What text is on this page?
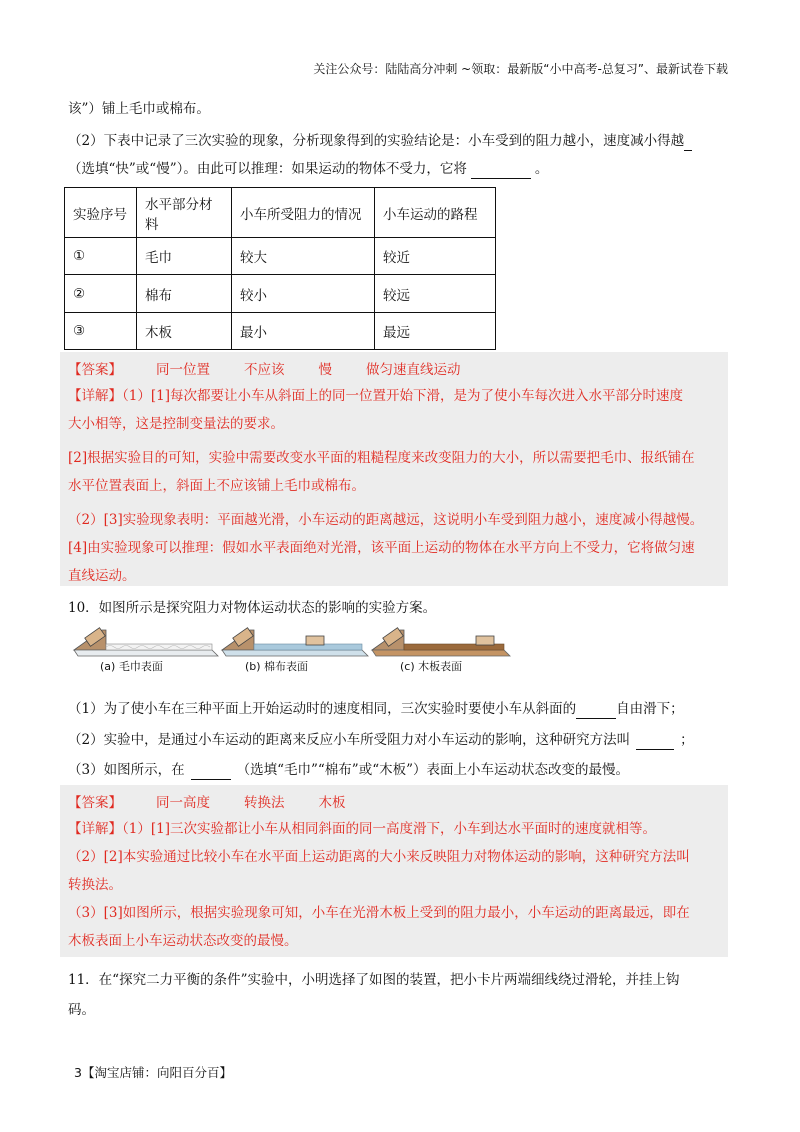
关注公众号：陆陆高分冲刺 ~领取：最新版“小中高考-总复习”、最新试卷下载
该”）铺上毛巾或棉布。
（2）下表中记录了三次实验的现象，分析现象得到的实验结论是：小车受到的阻力越小，速度减小得越
（选填“快”或“慢”）。由此可以推理：如果运动的物体不受力，它将	。
实验序号	水平部分材料	小车所受阻力的情况	小车运动的路程
①	毛巾	较大	较近
②	棉布	较小	较远
③	木板	最小	最远
【答案】	同一位置	不应该	慢	做匀速直线运动
【详解】（1）[1]每次都要让小车从斜面上的同一位置开始下滑，是为了使小车每次进入水平部分时速度
大小相等，这是控制变量法的要求。
[2]根据实验目的可知，实验中需要改变水平面的粗糙程度来改变阻力的大小，所以需要把毛巾、报纸铺在
水平位置表面上，斜面上不应该铺上毛巾或棉布。
（2）[3]实验现象表明：平面越光滑，小车运动的距离越远，这说明小车受到阻力越小，速度减小得越慢。
[4]由实验现象可以推理：假如水平表面绝对光滑，该平面上运动的物体在水平方向上不受力，它将做匀速
直线运动。
10．如图所示是探究阻力对物体运动状态的影响的实验方案。
(a) 毛巾表面	(b) 棉布表面	(c) 木板表面
（1）为了使小车在三种平面上开始运动时的速度相同，三次实验时要使小车从斜面的	自由滑下；
（2）实验中，是通过小车运动的距离来反应小车所受阻力对小车运动的影响，这种研究方法叫	；
（3）如图所示，在	（选填“毛巾”“棉布”或“木板”）表面上小车运动状态改变的最慢。
【答案】	同一高度	转换法	木板
【详解】（1）[1]三次实验都让小车从相同斜面的同一高度滑下，小车到达水平面时的速度就相等。
（2）[2]本实验通过比较小车在水平面上运动距离的大小来反映阻力对物体运动的影响，这种研究方法叫
转换法。
（3）[3]如图所示，根据实验现象可知，小车在光滑木板上受到的阻力最小，小车运动的距离最远，即在
木板表面上小车运动状态改变的最慢。
11．在“探究二力平衡的条件”实验中，小明选择了如图的装置，把小卡片两端细线绕过滑轮，并挂上钩
码。
3【淘宝店铺：向阳百分百】
